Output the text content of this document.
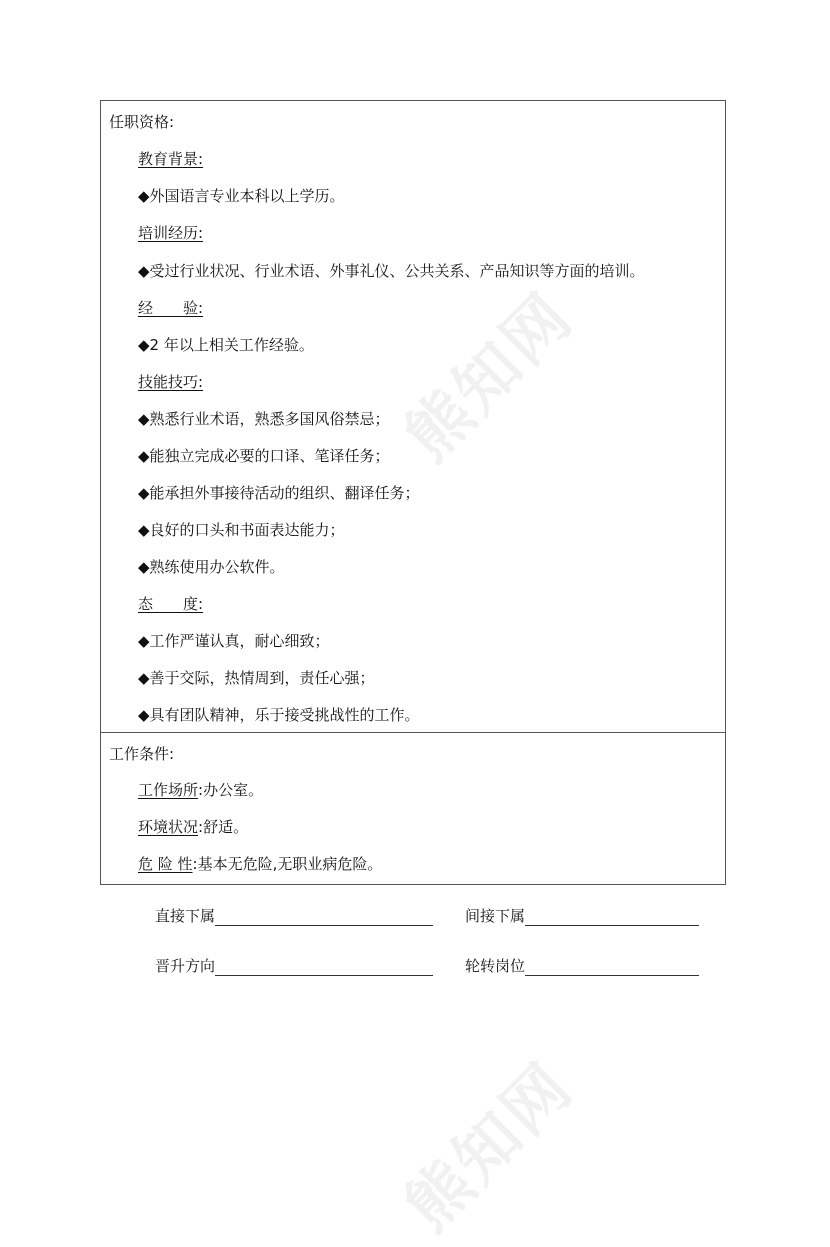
熊知网
熊知网
任职资格:
教育背景:
◆外国语言专业本科以上学历。
培训经历:
◆受过行业状况、行业术语、外事礼仪、公共关系、产品知识等方面的培训。
经　　验:
◆2 年以上相关工作经验。
技能技巧:
◆熟悉行业术语，熟悉多国风俗禁忌；
◆能独立完成必要的口译、笔译任务；
◆能承担外事接待活动的组织、翻译任务；
◆良好的口头和书面表达能力；
◆熟练使用办公软件。
态　　度:
◆工作严谨认真，耐心细致；
◆善于交际，热情周到，责任心强；
◆具有团队精神，乐于接受挑战性的工作。
工作条件:
工作场所:办公室。
环境状况:舒适。
危 险 性:基本无危险,无职业病危险。
直接下属	间接下属
晋升方向	轮转岗位
